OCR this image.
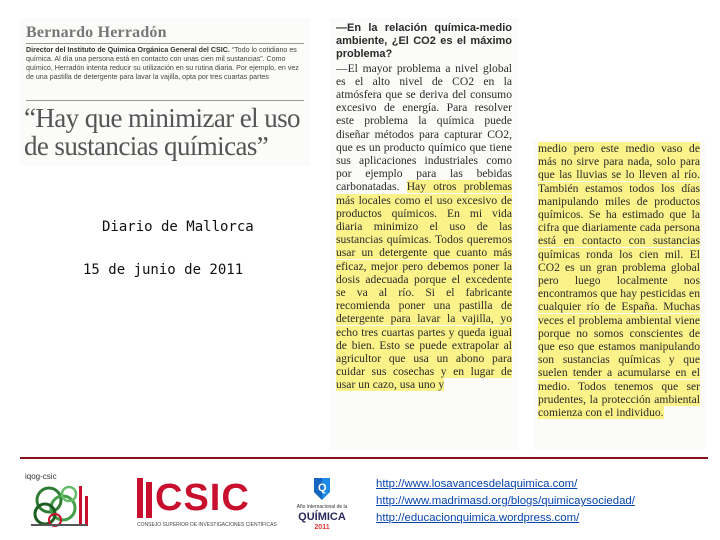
Bernardo Herradón
Director del Instituto de Química Orgánica General del CSIC. “Todo lo cotidiano es química. Al día una persona está en contacto con unas cien mil sustancias”. Como químico, Herradón intenta reducir su utilización en su rutina diaria. Por ejemplo, en vez de una pastilla de detergente para lavar la vajilla, opta por tres cuartas partes
“Hay que minimizar el uso de sustancias químicas”
—En la relación química-medio ambiente, ¿El CO2 es el máximo problema?
—El mayor problema a nivel global es el alto nivel de CO2 en la atmósfera que se deriva del consumo excesivo de energía. Para resolver este problema la química puede diseñar métodos para capturar CO2, que es un producto químico que tiene sus aplicaciones industriales como por ejemplo para las bebidas carbonatadas. Hay otros problemas más locales como el uso excesivo de productos químicos. En mi vida diaria minimizo el uso de las sustancias químicas. Todos queremos usar un detergente que cuanto más eficaz, mejor pero debemos poner la dosis adecuada porque el excedente se va al río. Si el fabricante recomienda poner una pastilla de detergente para lavar la vajilla, yo echo tres cuartas partes y queda igual de bien. Esto se puede extrapolar al agricultor que usa un abono para cuidar sus cosechas y en lugar de usar un cazo, usa uno y
medio pero este medio vaso de más no sirve para nada, solo para que las lluvias se lo lleven al río. También estamos todos los días manipulando miles de productos químicos. Se ha estimado que la cifra que diariamente cada persona está en contacto con sustancias químicas ronda los cien mil. El CO2 es un gran problema global pero luego localmente nos encontramos que hay pesticidas en cualquier río de España. Muchas veces el problema ambiental viene porque no somos conscientes de que eso que estamos manipulando son sustancias químicas y que suelen tender a acumularse en el medio. Todos tenemos que ser prudentes, la protección ambiental comienza con el individuo.
Diario de Mallorca
15 de junio de 2011
iqog-csic
CSIC
CONSEJO SUPERIOR DE INVESTIGACIONES CIENTÍFICAS
Q
Año internacional de la
QUÍMICA
2011
http://www.losavancesdelaquimica.com/
http://www.madrimasd.org/blogs/quimicaysociedad/
http://educacionquimica.wordpress.com/
